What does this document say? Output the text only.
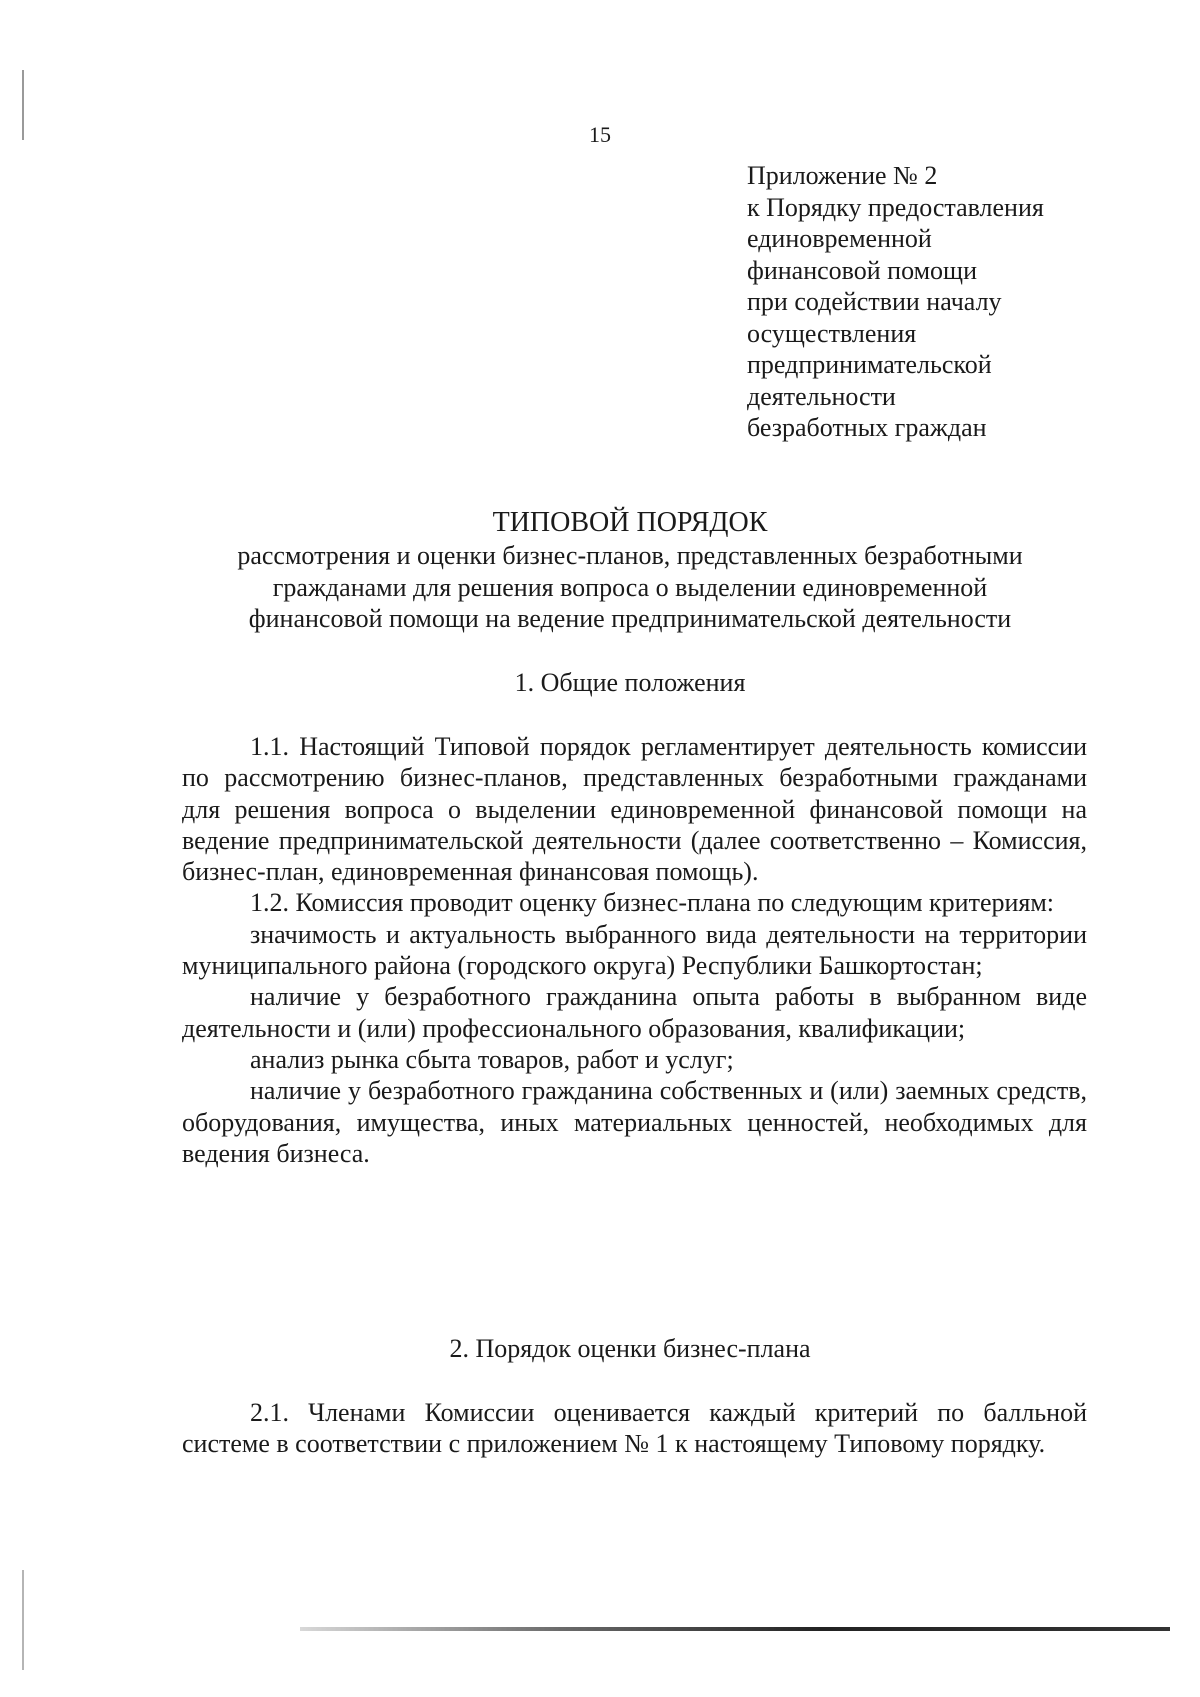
15
Приложение № 2
к Порядку предоставления
единовременной
финансовой помощи
при содействии началу
осуществления
предпринимательской
деятельности
безработных граждан
ТИПОВОЙ ПОРЯДОК
рассмотрения и оценки бизнес-планов, представленных безработными
гражданами для решения вопроса о выделении единовременной
финансовой помощи на ведение предпринимательской деятельности
1. Общие положения

1.1. Настоящий Типовой порядок регламентирует деятельность комиссии по рассмотрению бизнес-планов, представленных безработными гражданами для решения вопроса о выделении единовременной финансовой помощи на ведение предпринимательской деятельности (далее соответственно – Комиссия, бизнес-план, единовременная финансовая помощь).

1.2. Комиссия проводит оценку бизнес-плана по следующим критериям:

значимость и актуальность выбранного вида деятельности на территории муниципального района (городского округа) Республики Башкортостан;

наличие у безработного гражданина опыта работы в выбранном виде деятельности и (или) профессионального образования, квалификации;

анализ рынка сбыта товаров, работ и услуг;

наличие у безработного гражданина собственных и (или) заемных средств, оборудования, имущества, иных материальных ценностей, необходимых для ведения бизнеса.

2. Порядок оценки бизнес-плана

2.1. Членами Комиссии оценивается каждый критерий по балльной системе в соответствии с приложением № 1 к настоящему Типовому порядку.
